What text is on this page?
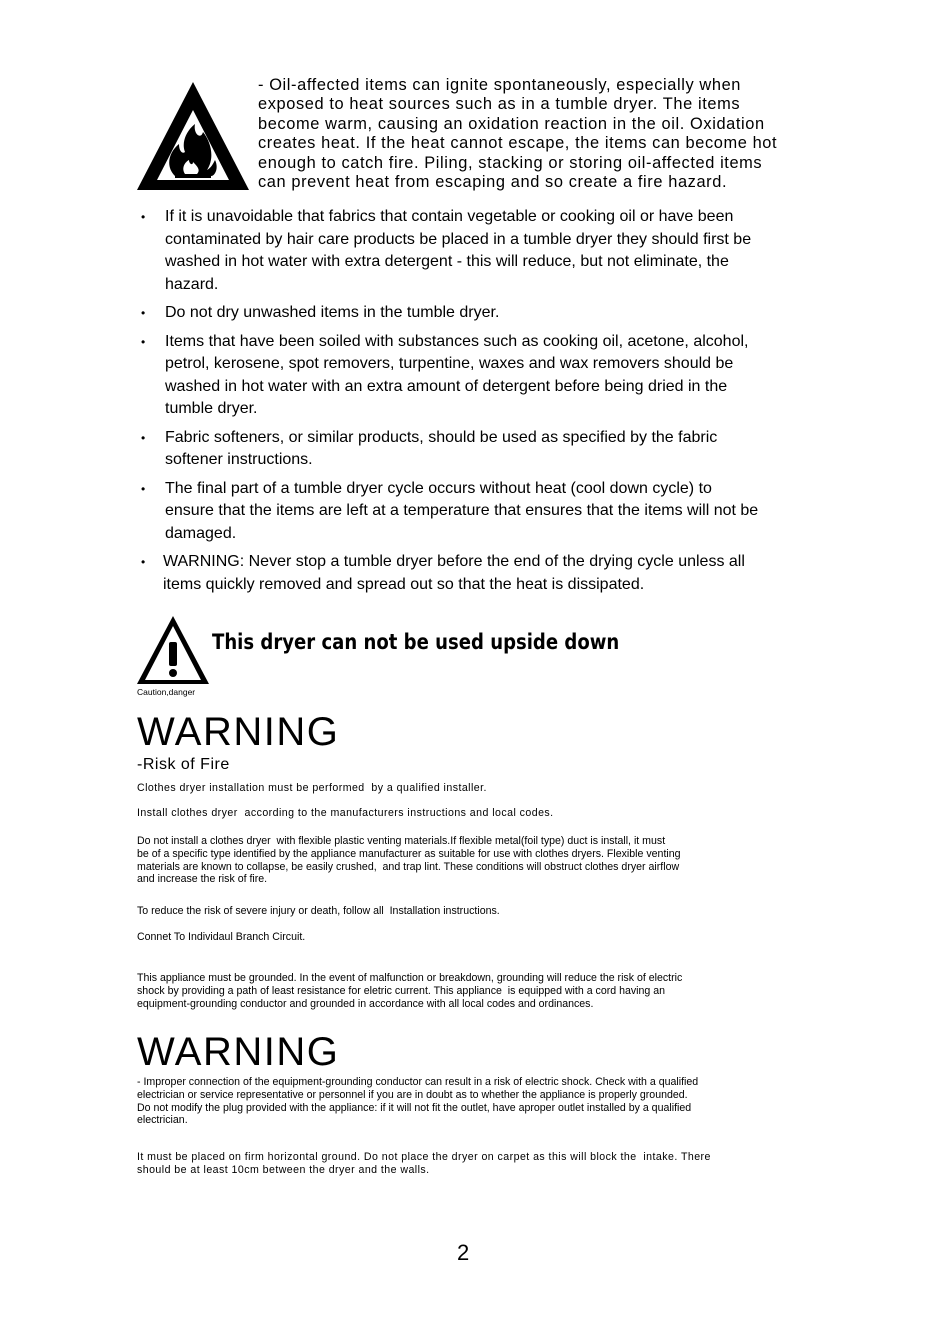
- Oil-affected items can ignite spontaneously, especially when
exposed to heat sources such as in a tumble dryer. The items
become warm, causing an oxidation reaction in the oil. Oxidation
creates heat. If the heat cannot escape, the items can become hot
enough to catch fire. Piling, stacking or storing oil-affected items
can prevent heat from escaping and so create a fire hazard.
• If it is unavoidable that fabrics that contain vegetable or cooking oil or have been
contaminated by hair care products be placed in a tumble dryer they should first be
washed in hot water with extra detergent - this will reduce, but not eliminate, the
hazard.
• Do not dry unwashed items in the tumble dryer.
• Items that have been soiled with substances such as cooking oil, acetone, alcohol,
petrol, kerosene, spot removers, turpentine, waxes and wax removers should be
washed in hot water with an extra amount of detergent before being dried in the
tumble dryer.
• Fabric softeners, or similar products, should be used as specified by the fabric
softener instructions.
• The final part of a tumble dryer cycle occurs without heat (cool down cycle) to
ensure that the items are left at a temperature that ensures that the items will not be
damaged.
• WARNING: Never stop a tumble dryer before the end of the drying cycle unless all
items quickly removed and spread out so that the heat is dissipated.
This dryer can not be used upside down
Caution,danger
WARNING
-Risk of Fire
Clothes dryer installation must be performed  by a qualified installer.
Install clothes dryer  according to the manufacturers instructions and local codes.
Do not install a clothes dryer  with flexible plastic venting materials.If flexible metal(foil type) duct is install, it must
be of a specific type identified by the appliance manufacturer as suitable for use with clothes dryers. Flexible venting
materials are known to collapse, be easily crushed,  and trap lint. These conditions will obstruct clothes dryer airflow
and increase the risk of fire.
To reduce the risk of severe injury or death, follow all  Installation instructions.
Connet To Individaul Branch Circuit.
This appliance must be grounded. In the event of malfunction or breakdown, grounding will reduce the risk of electric
shock by providing a path of least resistance for eletric current. This appliance  is equipped with a cord having an
equipment-grounding conductor and grounded in accordance with all local codes and ordinances.
WARNING
- Improper connection of the equipment-grounding conductor can result in a risk of electric shock. Check with a qualified
electrician or service representative or personnel if you are in doubt as to whether the appliance is properly grounded.
Do not modify the plug provided with the appliance: if it will not fit the outlet, have aproper outlet installed by a qualified
electrician.
It must be placed on firm horizontal ground. Do not place the dryer on carpet as this will block the  intake. There
should be at least 10cm between the dryer and the walls.
2
